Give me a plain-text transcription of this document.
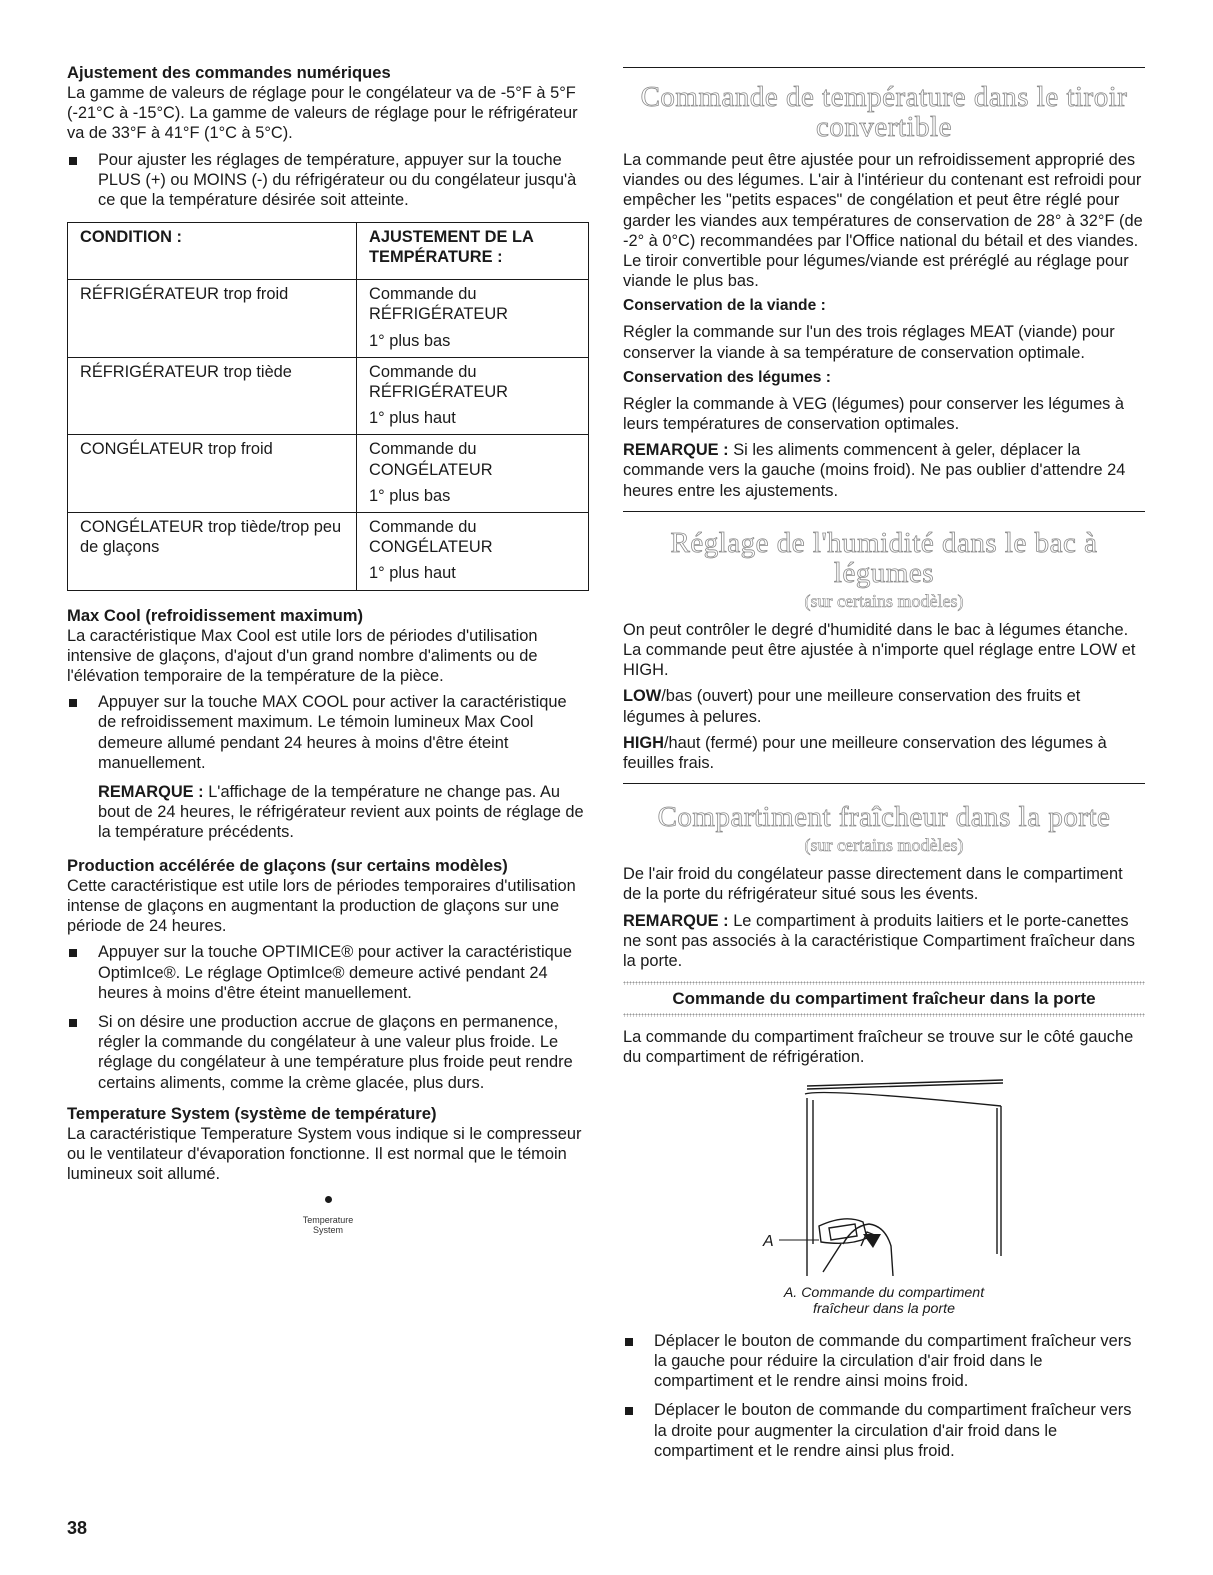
Ajustement des commandes numériques

La gamme de valeurs de réglage pour le congélateur va de -5°F à 5°F (-21°C à -15°C). La gamme de valeurs de réglage pour le réfrigérateur va de 33°F à 41°F (1°C à 5°C).

Pour ajuster les réglages de température, appuyer sur la touche PLUS (+) ou MOINS (-) du réfrigérateur ou du congélateur jusqu'à ce que la température désirée soit atteinte.
CONDITION :	AJUSTEMENT DE LA TEMPÉRATURE :
RÉFRIGÉRATEUR trop froid	Commande du RÉFRIGÉRATEUR
1° plus bas

RÉFRIGÉRATEUR trop tiède	Commande du RÉFRIGÉRATEUR
1° plus haut

CONGÉLATEUR trop froid	Commande du CONGÉLATEUR
1° plus bas

CONGÉLATEUR trop tiède/trop peu de glaçons	Commande du CONGÉLATEUR
1° plus haut
Max Cool (refroidissement maximum)

La caractéristique Max Cool est utile lors de périodes d'utilisation intensive de glaçons, d'ajout d'un grand nombre d'aliments ou de l'élévation temporaire de la température de la pièce.

Appuyer sur la touche MAX COOL pour activer la caractéristique de refroidissement maximum. Le témoin lumineux Max Cool demeure allumé pendant 24 heures à moins d'être éteint manuellement.

REMARQUE : L'affichage de la température ne change pas. Au bout de 24 heures, le réfrigérateur revient aux points de réglage de la température précédents.

Production accélérée de glaçons (sur certains modèles)

Cette caractéristique est utile lors de périodes temporaires d'utilisation intense de glaçons en augmentant la production de glaçons sur une période de 24 heures.

Appuyer sur la touche OPTIMICE® pour activer la caractéristique OptimIce®. Le réglage OptimIce® demeure activé pendant 24 heures à moins d'être éteint manuellement.
Si on désire une production accrue de glaçons en permanence, régler la commande du congélateur à une valeur plus froide. Le réglage du congélateur à une température plus froide peut rendre certains aliments, comme la crème glacée, plus durs.
Temperature System (système de température)

La caractéristique Temperature System vous indique si le compresseur ou le ventilateur d'évaporation fonctionne. Il est normal que le témoin lumineux soit allumé.

Temperature
System
Commande de température dans le tiroir
convertible

La commande peut être ajustée pour un refroidissement approprié des viandes ou des légumes. L'air à l'intérieur du contenant est refroidi pour empêcher les "petits espaces" de congélation et peut être réglé pour garder les viandes aux températures de conservation de 28° à 32°F (de -2° à 0°C) recommandées par l'Office national du bétail et des viandes. Le tiroir convertible pour légumes/viande est préréglé au réglage pour viande le plus bas.

Conservation de la viande :

Régler la commande sur l'un des trois réglages MEAT (viande) pour conserver la viande à sa température de conservation optimale.

Conservation des légumes :

Régler la commande à VEG (légumes) pour conserver les légumes à leurs températures de conservation optimales.

REMARQUE : Si les aliments commencent à geler, déplacer la commande vers la gauche (moins froid). Ne pas oublier d'attendre 24 heures entre les ajustements.

Réglage de l'humidité dans le bac à
légumes
(sur certains modèles)

On peut contrôler le degré d'humidité dans le bac à légumes étanche. La commande peut être ajustée à n'importe quel réglage entre LOW et HIGH.

LOW/bas (ouvert) pour une meilleure conservation des fruits et légumes à pelures.

HIGH/haut (fermé) pour une meilleure conservation des légumes à feuilles frais.

Compartiment fraîcheur dans la porte
(sur certains modèles)

De l'air froid du congélateur passe directement dans le compartiment de la porte du réfrigérateur situé sous les évents.

REMARQUE : Le compartiment à produits laitiers et le porte-canettes ne sont pas associés à la caractéristique Compartiment fraîcheur dans la porte.

Commande du compartiment fraîcheur dans la porte

La commande du compartiment fraîcheur se trouve sur le côté gauche du compartiment de réfrigération.

A
A. Commande du compartiment
fraîcheur dans la porte
Déplacer le bouton de commande du compartiment fraîcheur vers la gauche pour réduire la circulation d'air froid dans le compartiment et le rendre ainsi moins froid.
Déplacer le bouton de commande du compartiment fraîcheur vers la droite pour augmenter la circulation d'air froid dans le compartiment et le rendre ainsi plus froid.
38
